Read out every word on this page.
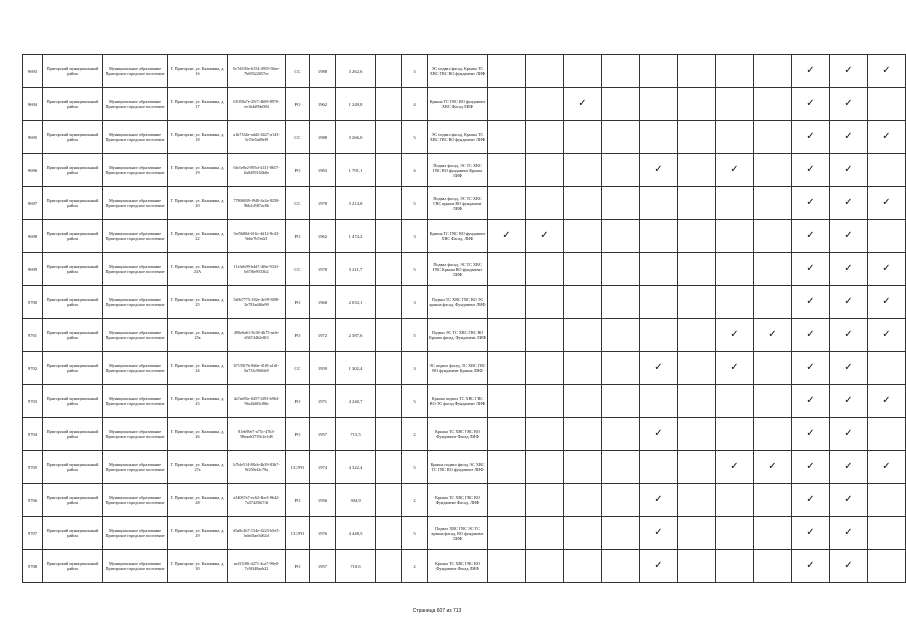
9693	Пригорский муниципальный район	Муниципальное образование Пригорское городское поселение	Г. Пригорске, ул. Калинина, д. 16	6c7d339a-6154-4955-94ee-7b69322057ec	СС	1988	3 262,6		3	ЭС подвал фасад, Крыша ТС ХВС ГВС ВО фундамент ЛИФ									✓	✓	✓
9694	Пригорский муниципальный район	Муниципальное образование Пригорское городское поселение	Г. Пригорске, ул. Калинина, д. 17	61058a7e-25f7-4669-8970-ee1b4d99e08d	РО	1962	1 249,8		4	Крыша ТС ГВС ВО фундамент ХВС Фасад ЛИФ			✓						✓	✓	
9695	Пригорский муниципальный район	Муниципальное образование Пригорское городское поселение	Г. Пригорске, ул. Калинина, д. 18	a1b7334e-add2-4427-a143-3c53e5a69ef9	СС	1988	3 266,0		5	ЭС подвал фасад, Крыша ТС ХВС ГВС ВО фундамент ЛИФ									✓	✓	✓
9696	Пригорский муниципальный район	Муниципальное образование Пригорское городское поселение	Г. Пригорске, ул. Калинина, д. 19	6fe1e8e2-095d-4131-8657-0a0d59164b0e	РО	1963	1 791,1		4	Подвал фасад, ЭС ТС ХВС ГВС ВО фундамент Крыша ЛИФ					✓		✓		✓	✓	
9697	Пригорский муниципальный район	Муниципальное образование Пригорское городское поселение	Г. Пригорске, ул. Калинина, д. 20	77806039-f940-4e2a-8258-9bb1d587ac8b	СС	1978	3 214,8		5	Подвал фасад, ЭС ТС ХВС ГВС крыша ВО фундамент ЛИФ									✓	✓	✓
9698	Пригорский муниципальный район	Муниципальное образование Пригорское городское поселение	Г. Пригорске, ул. Калинина, д. 22	5ef5b80d-616c-4d12-8c43-9ebe7b7ed21	РО	1962	1 474,2		3	Крыша ТС ГВС ВО фундамент ХВС Фасад, ЛИФ	✓	✓							✓	✓	
9699	Пригорский муниципальный район	Муниципальное образование Пригорское городское поселение	Г. Пригорске, ул. Калинина, д. 23А	11e3eb99-b4d7-4f6e-9341-b67f6e9533b2	СС	1978	3 211,7		5	Подвал фасад, ЭС ТС ХВС ГВС Крыша ВО фундамент ЛИФ									✓	✓	✓
9700	Пригорский муниципальный район	Муниципальное образование Пригорское городское поселение	Г. Пригорске, ул. Калинина, д. 25	5e0b7775-182e-4e59-8f98-2e781ad46e99	РО	1968	2 033,1		3	Подвал ТС ХВС ГВС ВО ЭС крыша фасад, Фундамент ЛИФ									✓	✓	✓
9701	Пригорский муниципальный район	Муниципальное образование Пригорское городское поселение	Г. Пригорске, ул. Калинина, д. 25а	490e6a61-8c38-4b75-aefe-d3674462e8f3	РО	1972	2 587,6		5	Подвал ЭС ТС ХВС ГВС ВО Крыша фасад, Фундамент ЛИФ							✓	✓	✓	✓	✓
9702	Пригорский муниципальный район	Муниципальное образование Пригорское городское поселение	Г. Пригорске, ул. Калинина, д. 24	67159f7b-9d6e-41f8-a1d1-0a733c9b84e9	СС	1959	1 302,4		3	ЭС подвал фасад, ТС ХВС ГВС ВО фундамент Крыша ЛИФ					✓		✓		✓	✓	
9703	Пригорский муниципальный район	Муниципальное образование Пригорское городское поселение	Г. Пригорске, ул. Калинина, д. 25	4a7ae83e-6457-4f93-b964-9bc4b8f5c86b	РО	1971	4 240,7		5	Крыша подвал ТС ХВС ГВС ВО ЭС фасад Фундамент ЛИФ									✓	✓	✓
9704	Пригорский муниципальный район	Муниципальное образование Пригорское городское поселение	Г. Пригорске, ул. Калинина, д. 26	81eb90e7-a75c-47b3-98eaeb3739c2e1d8	РО	1957	715,5		2	Крыша ТС ХВС ГВС ВО Фундамент Фасад ЛИФ					✓				✓	✓	
9705	Пригорский муниципальный район	Муниципальное образование Пригорское городское поселение	Г. Пригорске, ул. Калинина, д. 27а	b7bfe514-88cb-4b39-83b7-9f250ef2c79a	СС/РО	1974	4 322,4		5	Крыша подвал фасад ЭС ХВС ТС ГВС ВО фундамент ЛИФ							✓	✓	✓	✓	✓
9706	Пригорский муниципальный район	Муниципальное образование Пригорское городское поселение	Г. Пригорске, ул. Калинина, д. 28	a34067a7-ec62-4be3-9b42-7a374256f74f	РО	1956	394,9		2	Крыша ТС ХВС ГВС ВО Фундамент Фасад, ЛИФ					✓				✓	✓	
9707	Пригорский муниципальный район	Муниципальное образование Пригорское городское поселение	Г. Пригорске, ул. Калинина, д. 29	d5a8c2b7-154e-4223-b5e5-bded3ae5d62d	СС/РО	1976	4 448,5		5	Подвал ХВС ГВС ЭС ТС крыша фасад, ВО фундамент ЛИФ					✓				✓	✓	
9708	Пригорский муниципальный район	Муниципальное образование Пригорское городское поселение	Г. Пригорске, ул. Калинина, д. 30	aef31106-4271-4ca7-90e0-7c9f348aeb22	РО	1957	710,6		2	Крыша ТС ХВС ГВС ВО Фундамент Фасад ЛИФ					✓				✓	✓	
Страница 607 из 713
